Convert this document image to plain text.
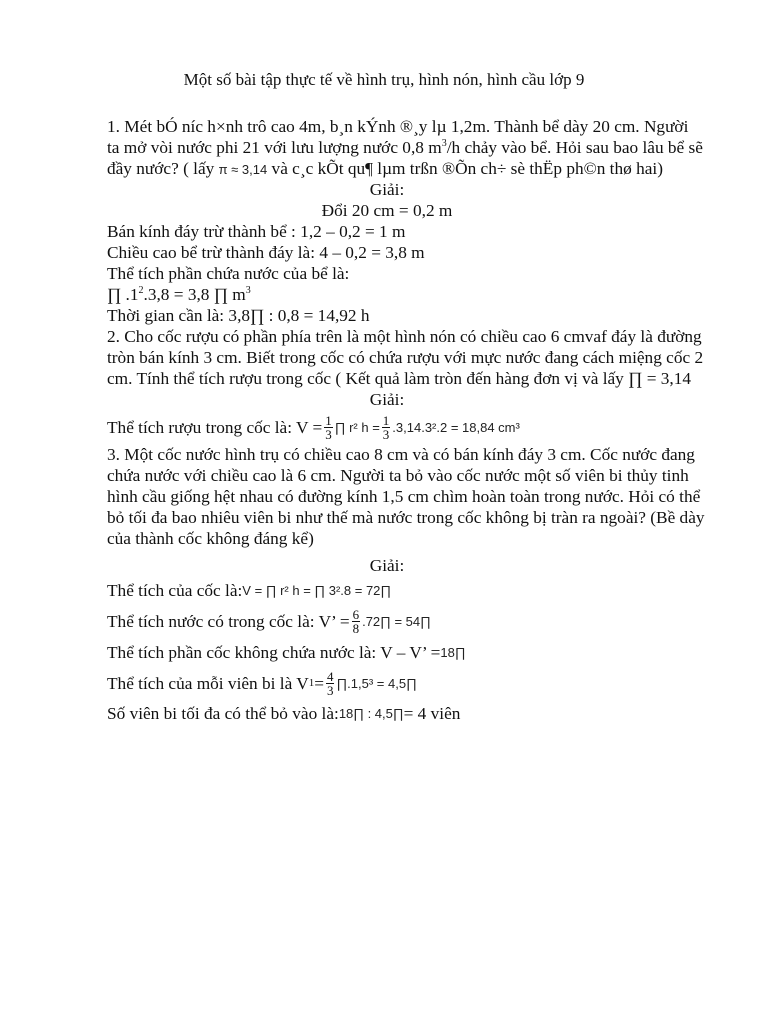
Một số bài tập thực tế về hình trụ, hình nón, hình cầu lớp 9
1. Mét bÓ níc h×nh trô cao 4m, b¸n kÝnh ®¸y lµ 1,2m. Thành bể dày 20 cm. Người
ta mở vòi nước phi 21 với lưu lượng nước 0,8 $m^3/h$ chảy vào bể. Hỏi sau bao lâu bể sẽ
đầy nước? ( lấy π ≈ 3,14 và c¸c kÕt qu¶ lµm trßn ®Õn ch÷ sè thËp ph©n thø hai)
Giải:
Đổi 20 cm = 0,2 m
Bán kính đáy trừ thành bể : 1,2 – 0,2 = 1 m
Chiều cao bể trừ thành đáy là: 4 – 0,2 = 3,8 m
Thể tích phần chứa nước của bể là:
∏ $.1^2.3,8 = 3,8$ ∏ $m^3$
Thời gian cần là: 3,8∏ : 0,8 = 14,92 h
2. Cho cốc rượu có phần phía trên là một hình nón có chiều cao 6 cmvaf đáy là đường
tròn bán kính 3 cm. Biết trong cốc có chứa rượu với mực nước đang cách miệng cốc 2
cm. Tính thể tích rượu trong cốc ( Kết quả làm tròn đến hàng đơn vị và lấy ∏ = 3,14
Giải:
Thể tích rượu trong cốc là: $V = \frac{1}{3}$ ∏ r² $h = \frac{1}{3} .3,14.3^2.2 = 18,84$ cm³
3. Một cốc nước hình trụ có chiều cao 8 cm và có bán kính đáy 3 cm. Cốc nước đang
chứa nước với chiều cao là 6 cm. Người ta bỏ vào cốc nước một số viên bi thủy tinh
hình cầu giống hệt nhau có đường kính 1,5 cm chìm hoàn toàn trong nước. Hỏi có thể
bỏ tối đa bao nhiêu viên bi như thế mà nước trong cốc không bị tràn ra ngoài? (Bề dày
của thành cốc không đáng kể)
Giải:
Thể tích của cốc là: V = ∏ r² h = ∏ 3².8 = 72∏
Thể tích nước có trong cốc là: V’ = $\frac{6}{8}$ .72∏ = 54∏
Thể tích phần cốc không chứa nước là: V – V’ = 18∏
Thể tích của mỗi viên bi là V $1 = \frac{4}{3}$ ∏.1,5³ = 4,5∏
Số viên bi tối đa có thể bỏ vào là: 18∏ : 4,5∏ = 4 viên
